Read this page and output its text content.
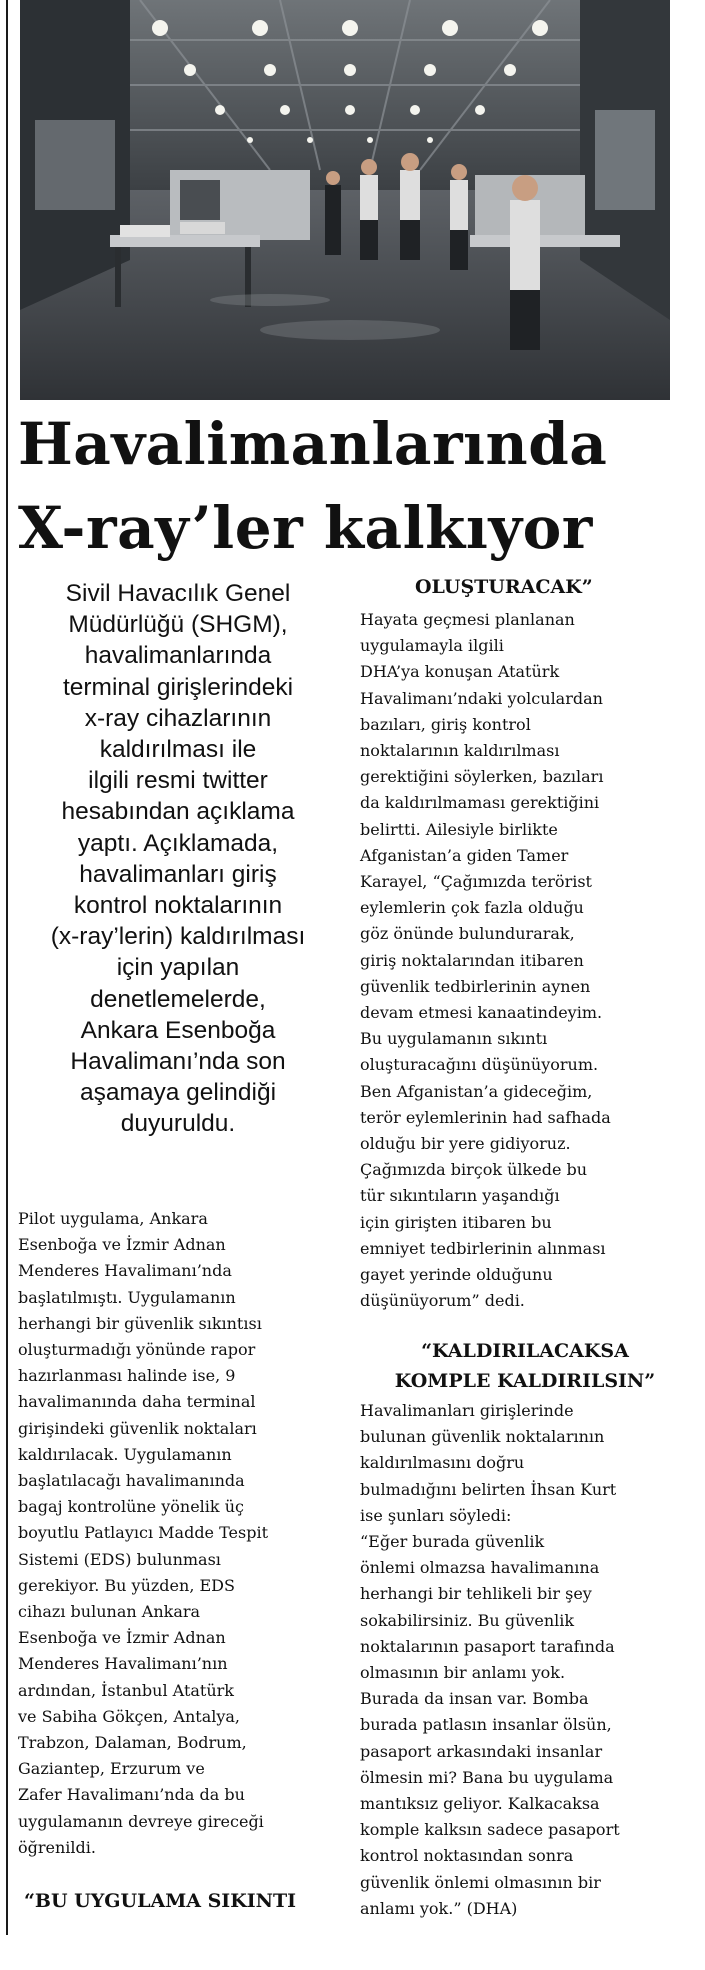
Havalimanlarında
X-ray’ler kalkıyor
Sivil Havacılık Genel
Müdürlüğü (SHGM),
havalimanlarında
terminal girişlerindeki
x-ray cihazlarının
kaldırılması ile
ilgili resmi twitter
hesabından açıklama
yaptı. Açıklamada,
havalimanları giriş
kontrol noktalarının
(x-ray’lerin) kaldırılması
için yapılan
denetlemelerde,
Ankara Esenboğa
Havalimanı’nda son
aşamaya gelindiği
duyuruldu.
Pilot uygulama, Ankara
Esenboğa ve İzmir Adnan
Menderes Havalimanı’nda
başlatılmıştı. Uygulamanın
herhangi bir güvenlik sıkıntısı
oluşturmadığı yönünde rapor
hazırlanması halinde ise, 9
havalimanında daha terminal
girişindeki güvenlik noktaları
kaldırılacak. Uygulamanın
başlatılacağı havalimanında
bagaj kontrolüne yönelik üç
boyutlu Patlayıcı Madde Tespit
Sistemi (EDS) bulunması
gerekiyor. Bu yüzden, EDS
cihazı bulunan Ankara
Esenboğa ve İzmir Adnan
Menderes Havalimanı’nın
ardından, İstanbul Atatürk
ve Sabiha Gökçen, Antalya,
Trabzon, Dalaman, Bodrum,
Gaziantep, Erzurum ve
Zafer Havalimanı’nda da bu
uygulamanın devreye gireceği
öğrenildi.
“BU UYGULAMA SIKINTI
OLUŞTURACAK”
Hayata geçmesi planlanan
uygulamayla ilgili
DHA’ya konuşan Atatürk
Havalimanı’ndaki yolculardan
bazıları, giriş kontrol
noktalarının kaldırılması
gerektiğini söylerken, bazıları
da kaldırılmaması gerektiğini
belirtti. Ailesiyle birlikte
Afganistan’a giden Tamer
Karayel, “Çağımızda terörist
eylemlerin çok fazla olduğu
göz önünde bulundurarak,
giriş noktalarından itibaren
güvenlik tedbirlerinin aynen
devam etmesi kanaatindeyim.
Bu uygulamanın sıkıntı
oluşturacağını düşünüyorum.
Ben Afganistan’a gideceğim,
terör eylemlerinin had safhada
olduğu bir yere gidiyoruz.
Çağımızda birçok ülkede bu
tür sıkıntıların yaşandığı
için girişten itibaren bu
emniyet tedbirlerinin alınması
gayet yerinde olduğunu
düşünüyorum” dedi.
“KALDIRILACAKSA
KOMPLE KALDIRILSIN”
Havalimanları girişlerinde
bulunan güvenlik noktalarının
kaldırılmasını doğru
bulmadığını belirten İhsan Kurt
ise şunları söyledi:
“Eğer burada güvenlik
önlemi olmazsa havalimanına
herhangi bir tehlikeli bir şey
sokabilirsiniz. Bu güvenlik
noktalarının pasaport tarafında
olmasının bir anlamı yok.
Burada da insan var. Bomba
burada patlasın insanlar ölsün,
pasaport arkasındaki insanlar
ölmesin mi? Bana bu uygulama
mantıksız geliyor. Kalkacaksa
komple kalksın sadece pasaport
kontrol noktasından sonra
güvenlik önlemi olmasının bir
anlamı yok.” (DHA)
